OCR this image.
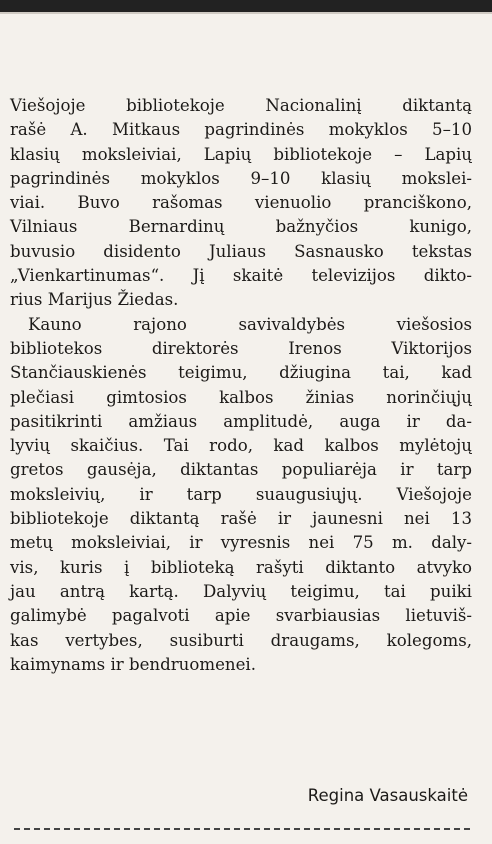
Viešojoje bibliotekoje Nacionalinį diktantą
rašė A. Mitkaus pagrindinės mokyklos 5–10
klasių moksleiviai, Lapių bibliotekoje – Lapių
pagrindinės mokyklos 9–10 klasių mokslei-
viai. Buvo rašomas vienuolio pranciškono,
Vilniaus Bernardinų bažnyčios kunigo,
buvusio disidento Juliaus Sasnausko tekstas
„Vienkartinumas“. Jį skaitė televizijos dikto-
rius Marijus Žiedas.

Kauno rajono savivaldybės viešosios
bibliotekos direktorės Irenos Viktorijos
Stančiauskienės teigimu, džiugina tai, kad
plečiasi gimtosios kalbos žinias norinčiųjų
pasitikrinti amžiaus amplitudė, auga ir da-
lyvių skaičius. Tai rodo, kad kalbos mylėtojų
gretos gausėja, diktantas populiarėja ir tarp
moksleivių, ir tarp suaugusiųjų. Viešojoje
bibliotekoje diktantą rašė ir jaunesni nei 13
metų moksleiviai, ir vyresnis nei 75 m. daly-
vis, kuris į biblioteką rašyti diktanto atvyko
jau antrą kartą. Dalyvių teigimu, tai puiki
galimybė pagalvoti apie svarbiausias lietuviš-
kas vertybes, susiburti draugams, kolegoms,
kaimynams ir bendruomenei.

Regina Vasauskaitė
